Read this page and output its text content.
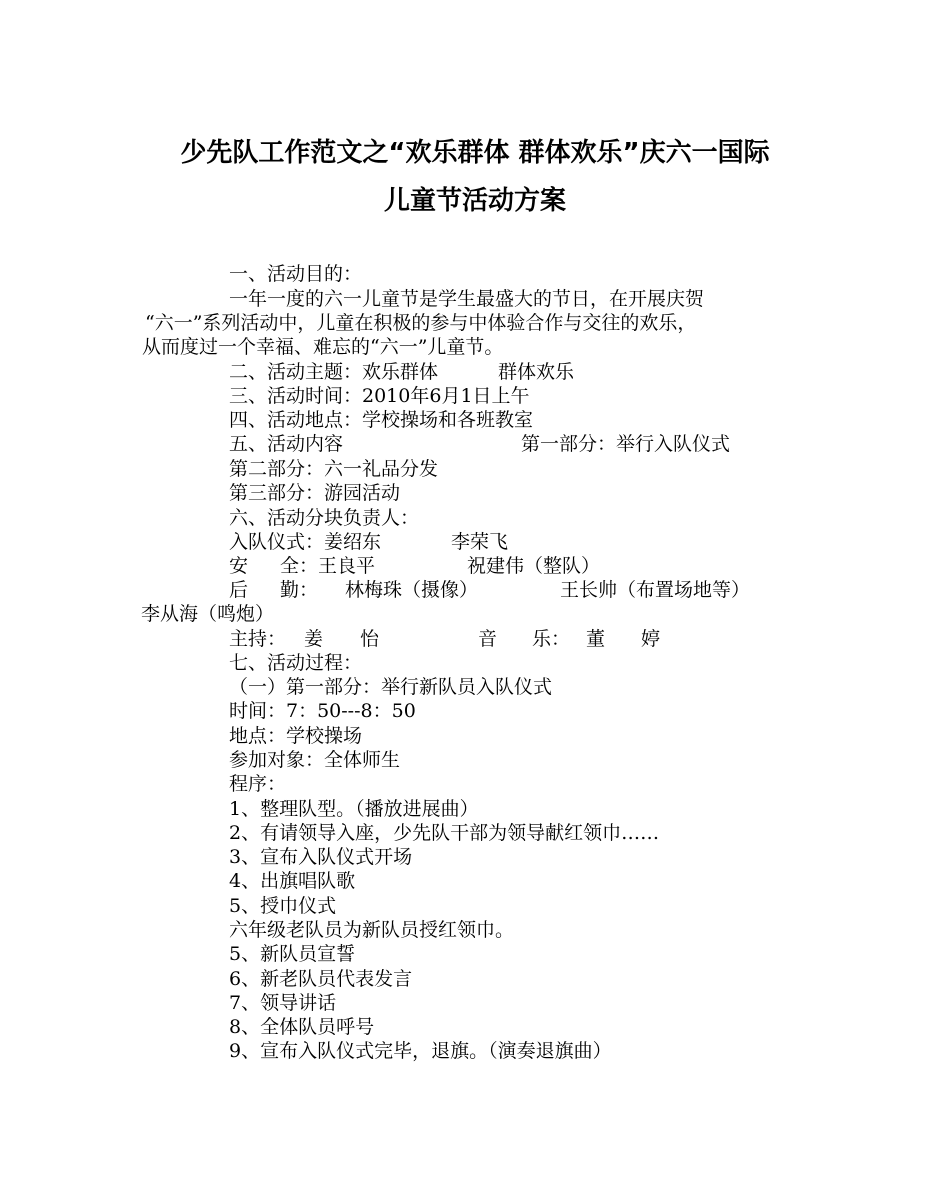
少先队工作范文之“欢乐群体 群体欢乐”庆六一国际
儿童节活动方案

一、活动目的：

一年一度的六一儿童节是学生最盛大的节日，在开展庆贺

“六一”系列活动中，儿童在积极的参与中体验合作与交往的欢乐，

从而度过一个幸福、难忘的“六一”儿童节。

二、活动主题：欢乐群体	群体欢乐

三、活动时间：2010年6月1日上午

四、活动地点：学校操场和各班教室

五、活动内容	第一部分：举行入队仪式

第二部分：六一礼品分发

第三部分：游园活动

六、活动分块负责人：

入队仪式：姜绍东	李荣飞

安 全：王良平	祝建伟（整队）

后 勤： 林梅珠（摄像）	王长帅（布置场地等）

李从海（鸣炮）

主持： 姜 怡	音 乐： 董 婷

七、活动过程：

（一）第一部分：举行新队员入队仪式

时间：7：50---8：50

地点：学校操场

参加对象：全体师生

程序：

1、整理队型。（播放进展曲）

2、有请领导入座，少先队干部为领导献红领巾……

3、宣布入队仪式开场

4、出旗唱队歌

5、授巾仪式

六年级老队员为新队员授红领巾。

5、新队员宣誓

6、新老队员代表发言

7、领导讲话

8、全体队员呼号

9、宣布入队仪式完毕，退旗。（演奏退旗曲）
